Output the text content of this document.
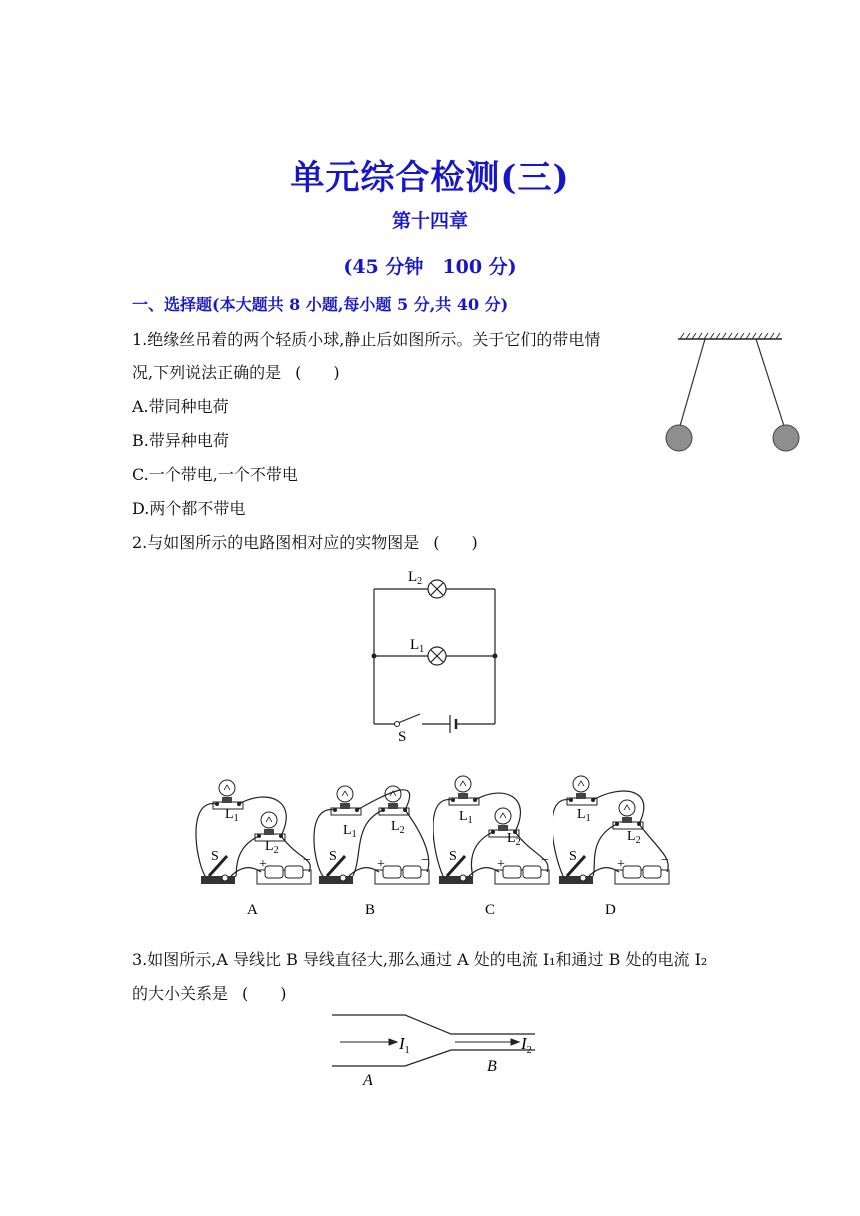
单元综合检测(三)
第十四章
(45 分钟　100 分)
一、选择题(本大题共 8 小题,每小题 5 分,共 40 分)
1.绝缘丝吊着的两个轻质小球,静止后如图所示。关于它们的带电情
况,下列说法正确的是 (　　)
A.带同种电荷
B.带异种电荷
C.一个带电,一个不带电
D.两个都不带电
2.与如图所示的电路图相对应的实物图是 (　　)
$L_2$
$L_1$
S
+	−
$L_1$
$L_2$
S
A
+	−
$L_1$
$L_2$
S
B
+	−
$L_1$
$L_2$
S
C
+	−
$L_1$
$L_2$
S
D
3.如图所示,A 导线比 B 导线直径大,那么通过 A 处的电流 I₁和通过 B 处的电流 I₂
的大小关系是 (　　)
$I_1$	$I_2$
A
B
